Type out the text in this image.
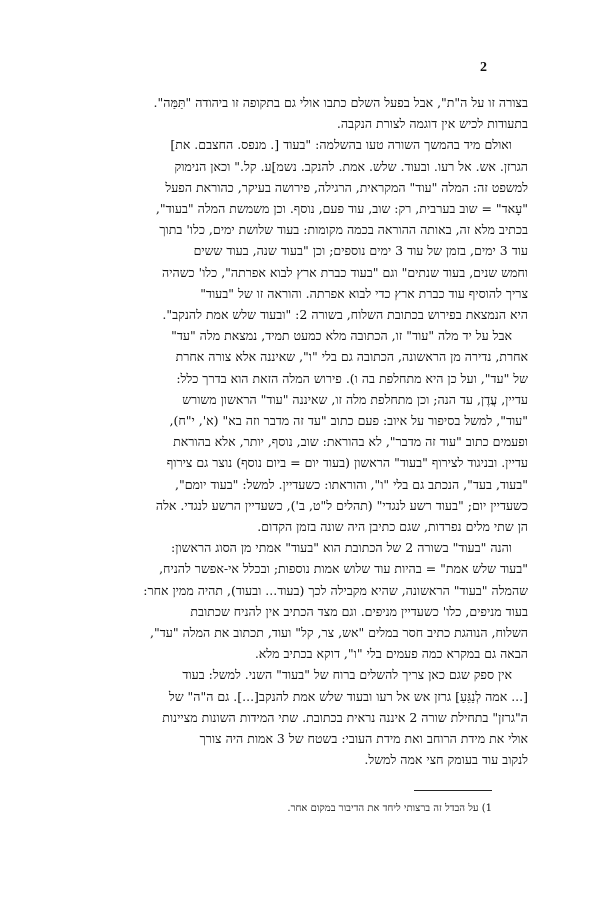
2
בצורה זו על ה"ת", אבל בפעל השלם כתבו אולי גם בתקופה זו ביהודה "תַּמַּה".
בתעודות לכיש אין דוגמה לצורת הנקבה.
ואולם מיד בהמשך השורה טעו בהשלמה: "בעוד [. מנפס. החצבם. את]
הגרזן. אש. אל רעו. ובעוד. שלש. אמת. להנקב. נשמ]ע. קל." וכאן הנימוק
למשפט זה: המלה "עוד" המקראית, הרגילה, פירושה בעיקר, כהוראת הפעל
"עָאד" = שוב בערבית, רק: שוב, עוד פעם, נוסף. וכן משמשת המלה "בעוד",
בכתיב מלא זה, באותה ההוראה בכמה מקומות: בעוד שלושת ימים, כלו' בתוך
עוד 3 ימים, בזמן של עוד 3 ימים נוספים; וכן "בעוד שנה, בעוד ששים
וחמש שנים, בעוד שנתים" וגם "בעוד כברת ארץ לבוא אפרתה", כלו' כשהיה
צריך להוסיף עוד כברת ארץ כדי לבוא אפרתה. והוראה זו של "בעוד"
היא הנמצאת בפירוש בכתובת השלוח, בשורה 2: "ובעוד שלש אמת להנקב".
אבל על יד מלה "עוד" זו, הכתובה מלא כמעט תמיד, נמצאת מלה "עד"
אחרת, נדירה מן הראשונה, הכתובה גם בלי "ו", שאיננה אלא צורה אחרת
של "עד", ועל כן היא מתחלפת בה ו). פירוש המלה הזאת הוא בדרך כלל:
עדיין, עֲדֶן, עד הנה; וכן מתחלפת מלה זו, שאיננה "עוד" הראשון משורש
"עוד", למשל בסיפור על איוב: פעם כתוב "עד זה מדבר וזה בא" (א', י"ח),
ופעמים כתוב "עוד זה מדבר", לא בהוראת: שוב, נוסף, יותר, אלא בהוראת
עדיין. ובניגוד לצירוף "בעוד" הראשון (בעוד יום = ביום נוסף) נוצר גם צירוף
"בעוד, בעד", הנכתב גם בלי "ו", והוראתו: כשעדיין. למשל: "בעוד יומם",
כשעדיין יום; "בעוד רשע לנגדי" (תהלים ל"ט, ב'), כשעדיין הרשע לנגדי. אלה
הן שתי מלים נפרדות, שגם כתיבן היה שונה בזמן הקדום.
והנה "בעוד" בשורה 2 של הכתובת הוא "בעוד" אמתי מן הסוג הראשון:
"בעוד שלש אמת" = בהיות עוד שלוש אמות נוספות; ובכלל אי-אפשר להניח,
שהמלה "בעוד" הראשונה, שהיא מקבילה לכך (בעוד... ובעוד), תהיה ממין אחר:
בעוד מניפים, כלו' כשעדיין מניפים. וגם מצד הכתיב אין להניח שכתובת
השלוח, הנוהגת כתיב חסר במלים "אש, צר, קל" ועוד, תכתוב את המלה "עד",
הבאה גם במקרא כמה פעמים בלי "ו", דוקא בכתיב מלא.
אין ספק שגם כאן צריך להשלים ברוח של "בעוד" השני. למשל: בעוד
[... אמה לְנַגֵּעַ] גרזן אש אל רעו ובעוד שלש אמת להנקב[...]. גם ה"ה" של
ה"גרזן" בתחילת שורה 2 איננה נראית בכתובת. שתי המידות השונות מציינות
אולי את מידת הרוחב ואת מידת העובי: בשטח של 3 אמות היה צורך
לנקוב עוד בעומק חצי אמה למשל.
1) על הבדל זה ברצותי ליחד את הדיבור במקום אחר.
